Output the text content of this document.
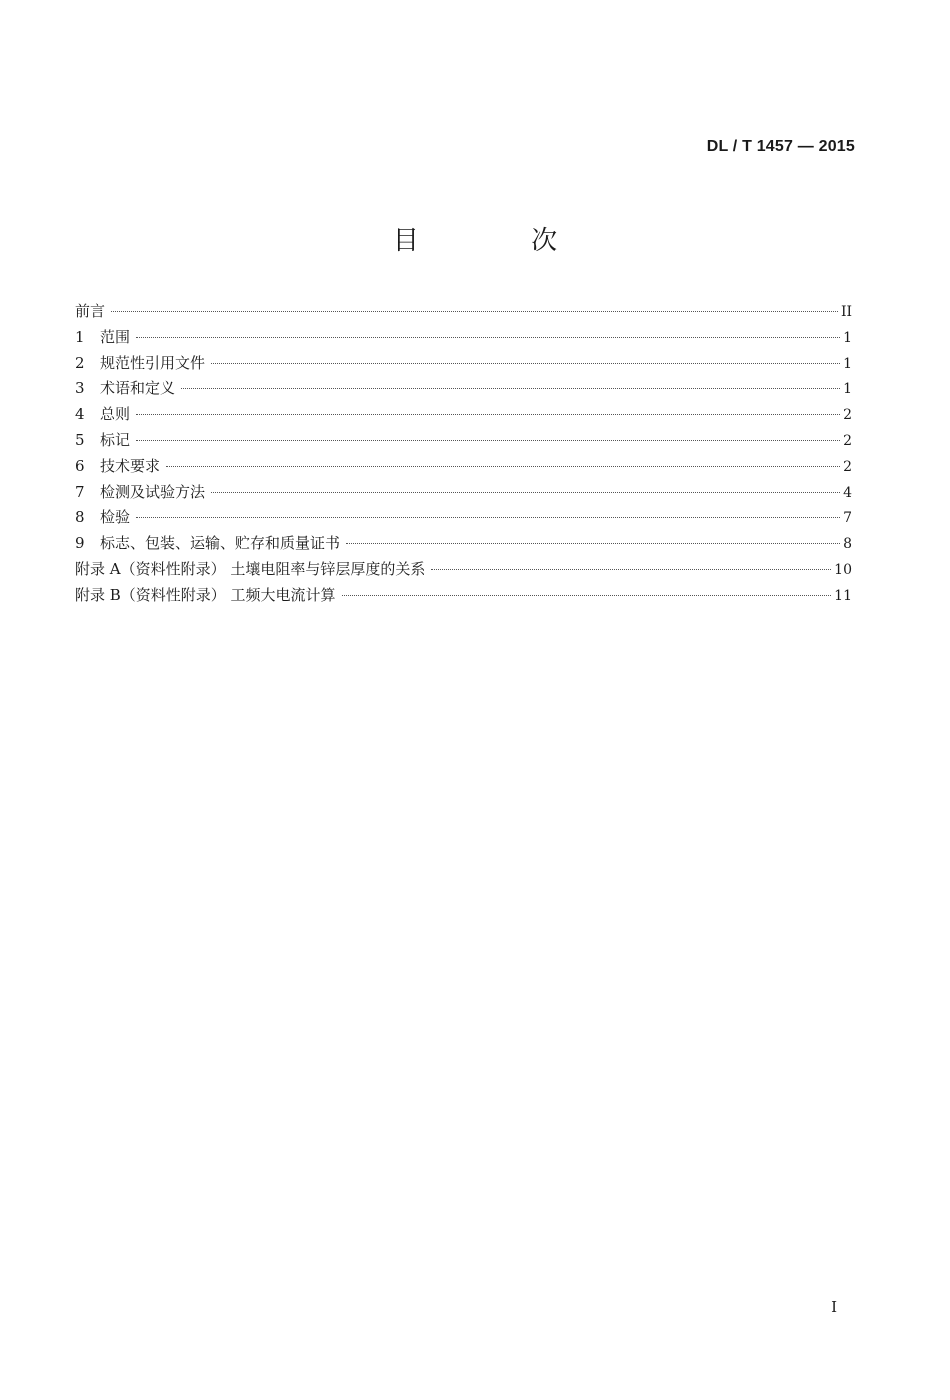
DL / T 1457 — 2015
目 次
前言	II
1	范围	1
2	规范性引用文件	1
3	术语和定义	1
4	总则	2
5	标记	2
6	技术要求	2
7	检测及试验方法	4
8	检验	7
9	标志、包装、运输、贮存和质量证书	8
附录 A（资料性附录） 土壤电阻率与锌层厚度的关系	10
附录 B（资料性附录） 工频大电流计算	11
I
